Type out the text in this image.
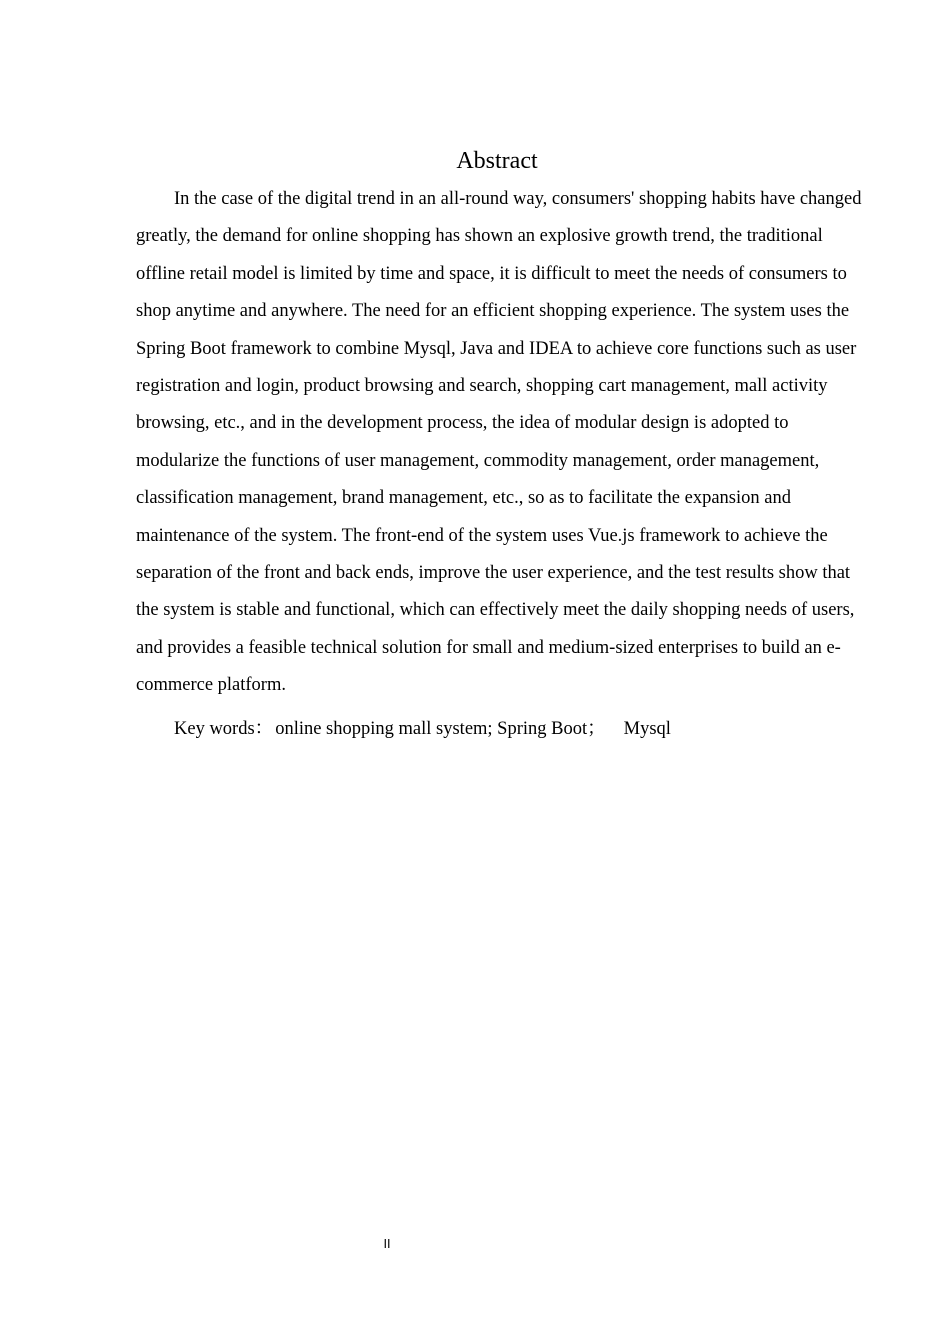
Abstract

In the case of the digital trend in an all-round way, consumers' shopping habits have changed greatly, the demand for online shopping has shown an explosive growth trend, the traditional offline retail model is limited by time and space, it is difficult to meet the needs of consumers to shop anytime and anywhere. The need for an efficient shopping experience. The system uses the Spring Boot framework to combine Mysql, Java and IDEA to achieve core functions such as user registration and login, product browsing and search, shopping cart management, mall activity browsing, etc., and in the development process, the idea of modular design is adopted to modularize the functions of user management, commodity management, order management, classification management, brand management, etc., so as to facilitate the expansion and maintenance of the system. The front-end of the system uses Vue.js framework to achieve the separation of the front and back ends, improve the user experience, and the test results show that the system is stable and functional, which can effectively meet the daily shopping needs of users, and provides a feasible technical solution for small and medium-sized enterprises to build an e-commerce platform.

Key words： online shopping mall system; Spring Boot； Mysql

II
